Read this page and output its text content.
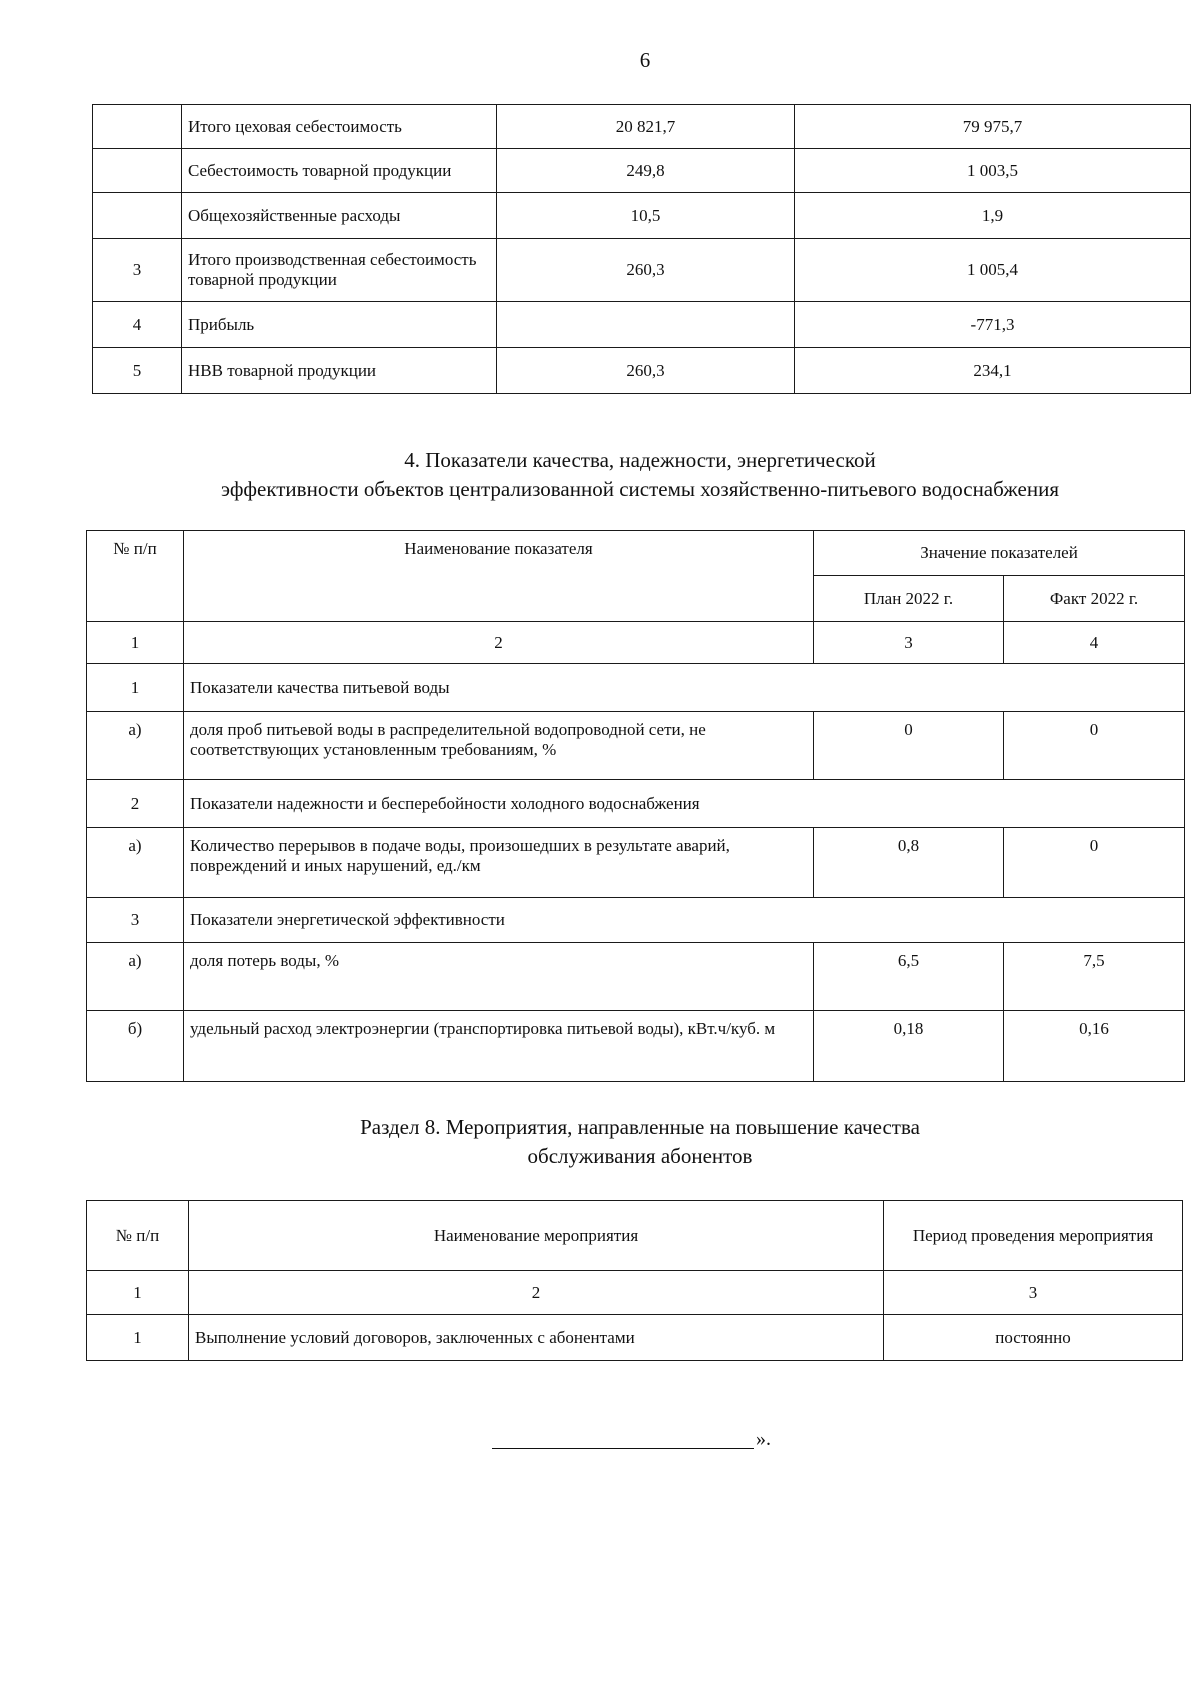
6
	Итого цеховая себестоимость	20 821,7	79 975,7
	Себестоимость товарной продукции	249,8	1 003,5
	Общехозяйственные расходы	10,5	1,9
3	Итого производственная себестоимость товарной продукции	260,3	1 005,4
4	Прибыль		-771,3
5	НВВ товарной продукции	260,3	234,1
4. Показатели качества, надежности, энергетической
эффективности объектов централизованной системы хозяйственно-питьевого водоснабжения
№ п/п	Наименование показателя	Значение показателей	
		План 2022 г.	Факт 2022 г.
1	2	3	4
1	Показатели качества питьевой воды		
а)	доля проб питьевой воды в распределительной водопроводной сети, не соответствующих установленным требованиям, %	0	0
2	Показатели надежности и бесперебойности холодного водоснабжения		
а)	Количество перерывов в подаче воды, произошедших в результате аварий, повреждений и иных нарушений, ед./км	0,8	0
3	Показатели энергетической эффективности		
а)	доля потерь воды, %	6,5	7,5
б)	удельный расход электроэнергии (транспортировка питьевой воды), кВт.ч/куб. м	0,18	0,16
Раздел 8. Мероприятия, направленные на повышение качества
обслуживания абонентов
№ п/п	Наименование мероприятия	Период проведения мероприятия
1	2	3
1	Выполнение условий договоров, заключенных с абонентами	постоянно
».
